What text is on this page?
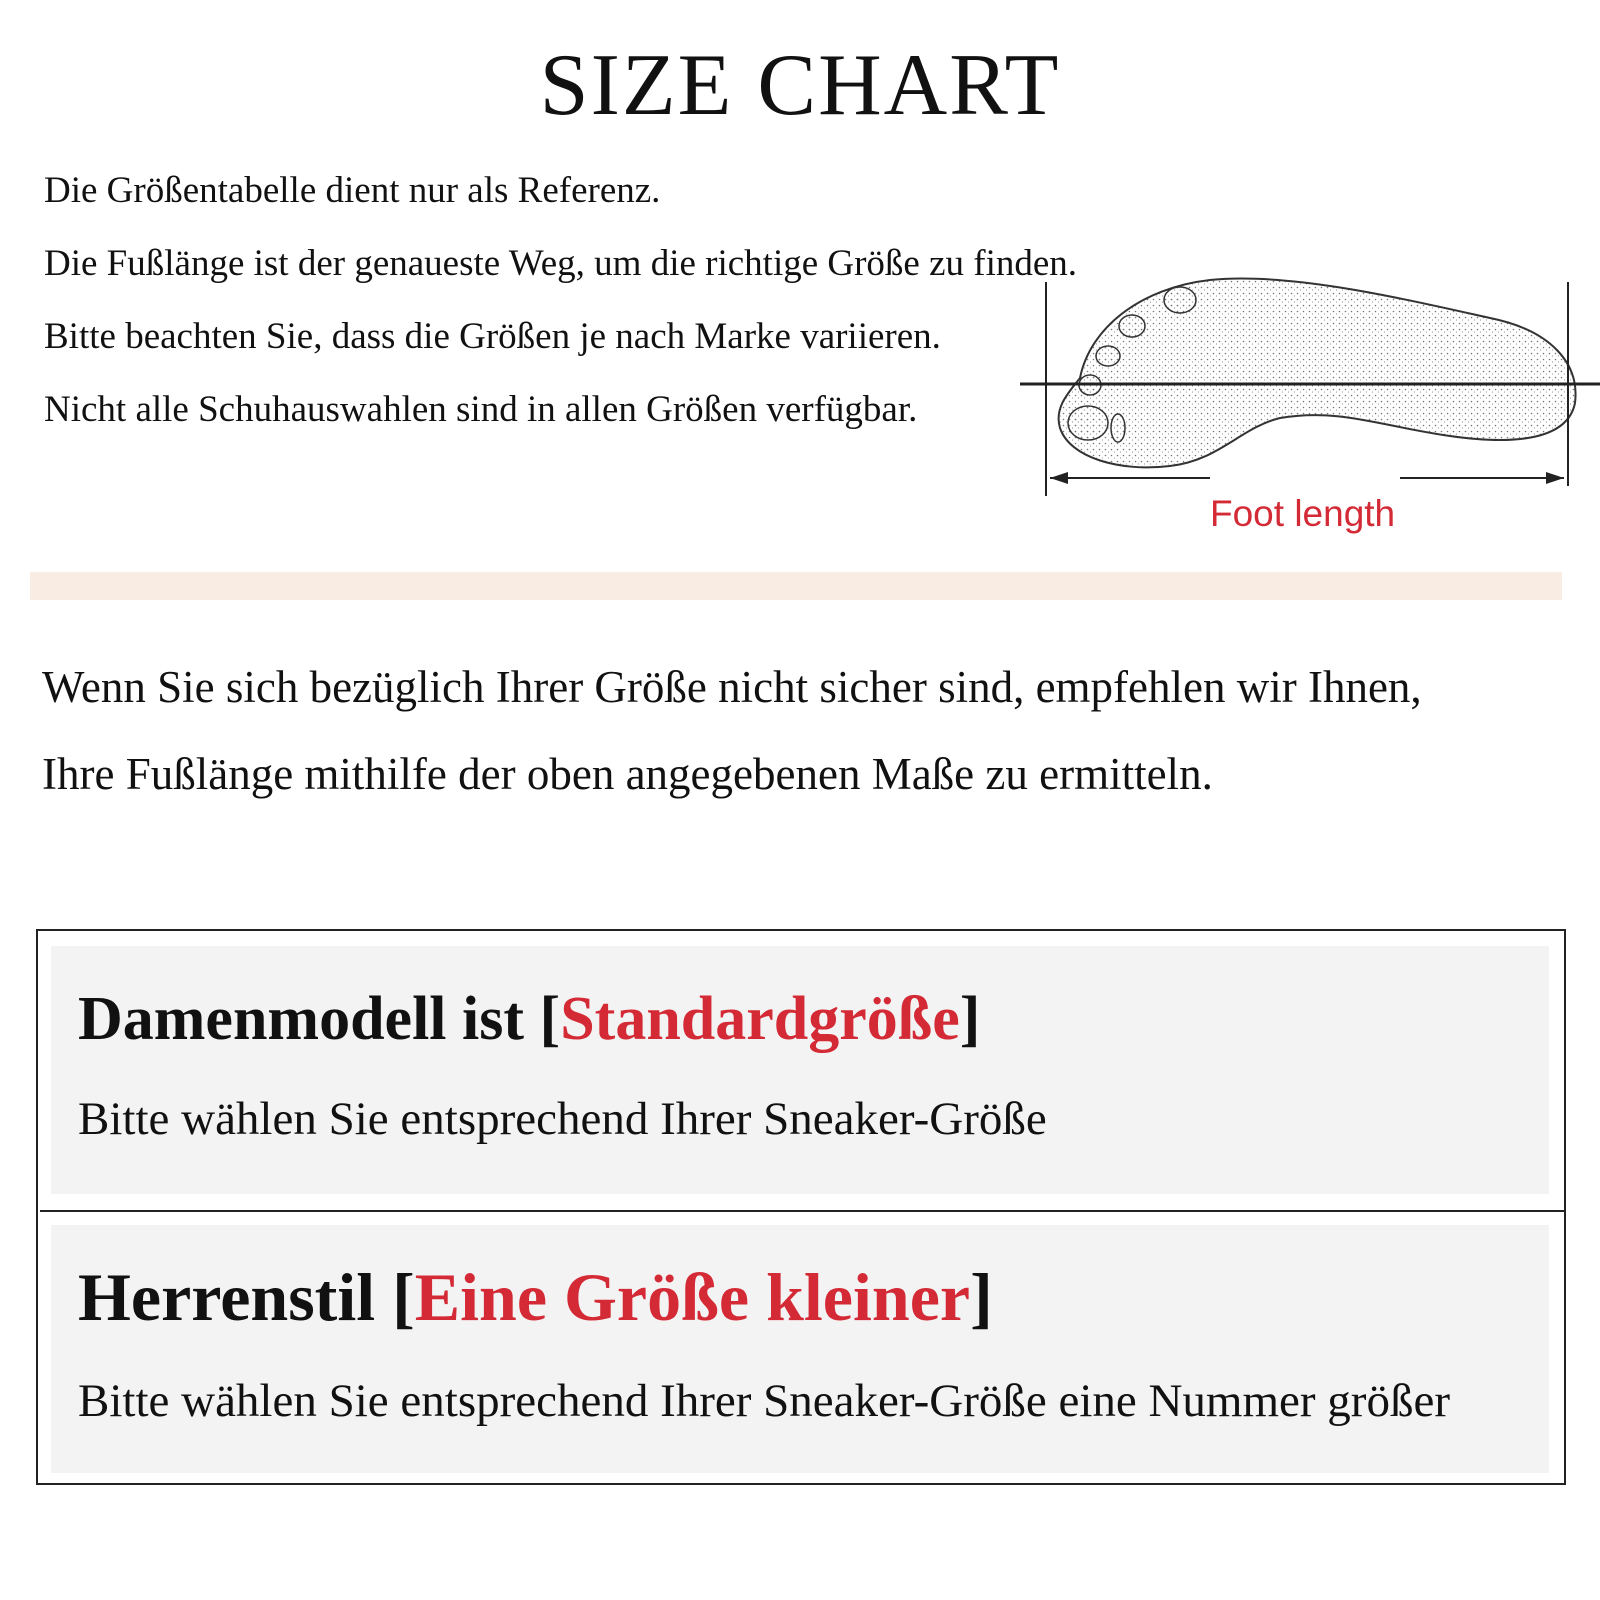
SIZE CHART
Die Größentabelle dient nur als Referenz.
Die Fußlänge ist der genaueste Weg, um die richtige Größe zu finden.
Bitte beachten Sie, dass die Größen je nach Marke variieren.
Nicht alle Schuhauswahlen sind in allen Größen verfügbar.
Foot length
Wenn Sie sich bezüglich Ihrer Größe nicht sicher sind, empfehlen wir Ihnen,
Ihre Fußlänge mithilfe der oben angegebenen Maße zu ermitteln.
Damenmodell ist [Standardgröße]
Bitte wählen Sie entsprechend Ihrer Sneaker-Größe
Herrenstil [Eine Größe kleiner]
Bitte wählen Sie entsprechend Ihrer Sneaker-Größe eine Nummer größer
